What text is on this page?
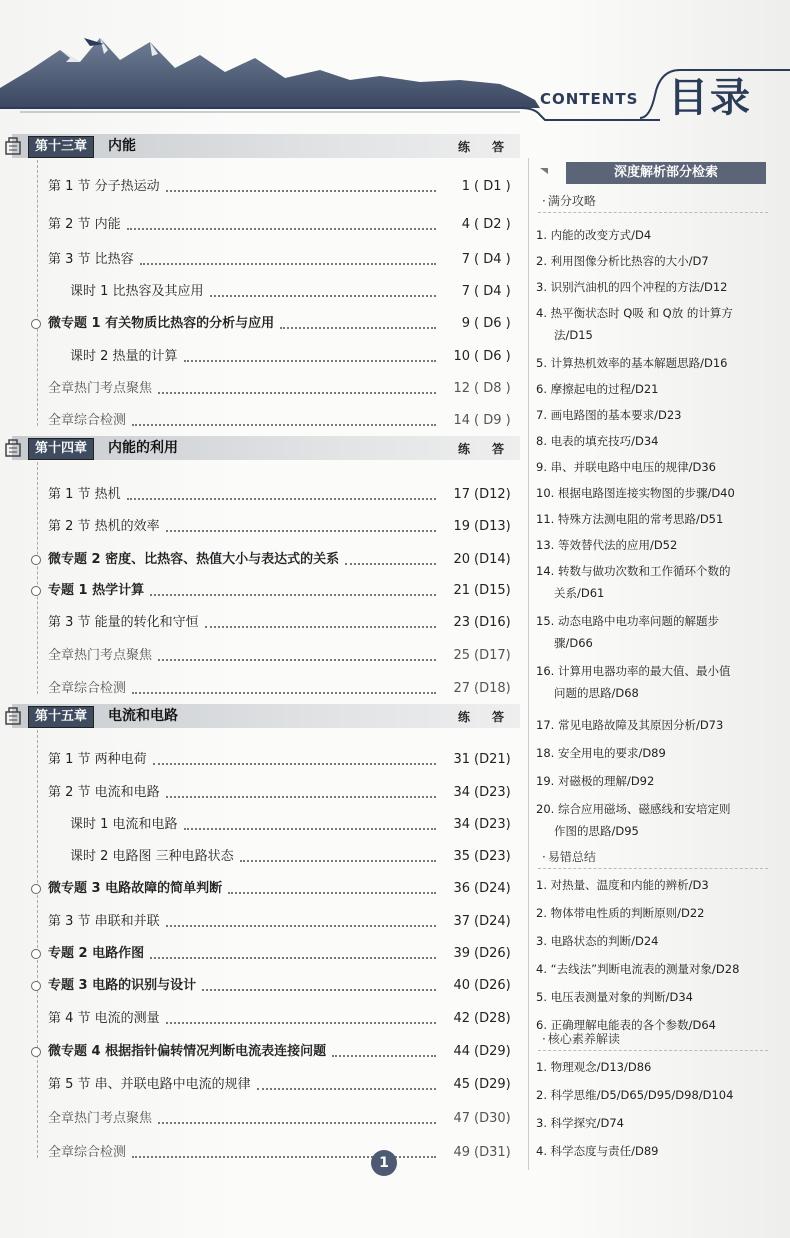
CONTENTS 目录
第十三章	内能	练 答
第 1 节 分子热运动	1 ( D1 )
第 2 节 内能	4 ( D2 )
第 3 节 比热容	7 ( D4 )
课时 1 比热容及其应用	7 ( D4 )
微专题 1 有关物质比热容的分析与应用	9 ( D6 )
课时 2 热量的计算	10 ( D6 )
全章热门考点聚焦	12 ( D8 )
全章综合检测	14 ( D9 )
第十四章	内能的利用	练 答
第 1 节 热机	17 (D12)
第 2 节 热机的效率	19 (D13)
微专题 2 密度、比热容、热值大小与表达式的关系	20 (D14)
专题 1 热学计算	21 (D15)
第 3 节 能量的转化和守恒	23 (D16)
全章热门考点聚焦	25 (D17)
全章综合检测	27 (D18)
第十五章	电流和电路	练 答
第 1 节 两种电荷	31 (D21)
第 2 节 电流和电路	34 (D23)
课时 1 电流和电路	34 (D23)
课时 2 电路图 三种电路状态	35 (D23)
微专题 3 电路故障的简单判断	36 (D24)
第 3 节 串联和并联	37 (D24)
专题 2 电路作图	39 (D26)
专题 3 电路的识别与设计	40 (D26)
第 4 节 电流的测量	42 (D28)
微专题 4 根据指针偏转情况判断电流表连接问题	44 (D29)
第 5 节 串、并联电路中电流的规律	45 (D29)
全章热门考点聚焦	47 (D30)
全章综合检测	49 (D31)
深度解析部分检索
· 满分攻略
1. 内能的改变方式/D4
2. 利用图像分析比热容的大小/D7
3. 识别汽油机的四个冲程的方法/D12
4. 热平衡状态时 Q吸 和 Q放 的计算方
法/D15
5. 计算热机效率的基本解题思路/D16
6. 摩擦起电的过程/D21
7. 画电路图的基本要求/D23
8. 电表的填充技巧/D34
9. 串、并联电路中电压的规律/D36
10. 根据电路图连接实物图的步骤/D40
11. 特殊方法测电阻的常考思路/D51
13. 等效替代法的应用/D52
14. 转数与做功次数和工作循环个数的
关系/D61
15. 动态电路中电功率问题的解题步
骤/D66
16. 计算用电器功率的最大值、最小值
问题的思路/D68
17. 常见电路故障及其原因分析/D73
18. 安全用电的要求/D89
19. 对磁极的理解/D92
20. 综合应用磁场、磁感线和安培定则
作图的思路/D95
· 易错总结
1. 对热量、温度和内能的辨析/D3
2. 物体带电性质的判断原则/D22
3. 电路状态的判断/D24
4. “去线法”判断电流表的测量对象/D28
5. 电压表测量对象的判断/D34
6. 正确理解电能表的各个参数/D64
· 核心素养解读
1. 物理观念/D13/D86
2. 科学思维/D5/D65/D95/D98/D104
3. 科学探究/D74
4. 科学态度与责任/D89
1
